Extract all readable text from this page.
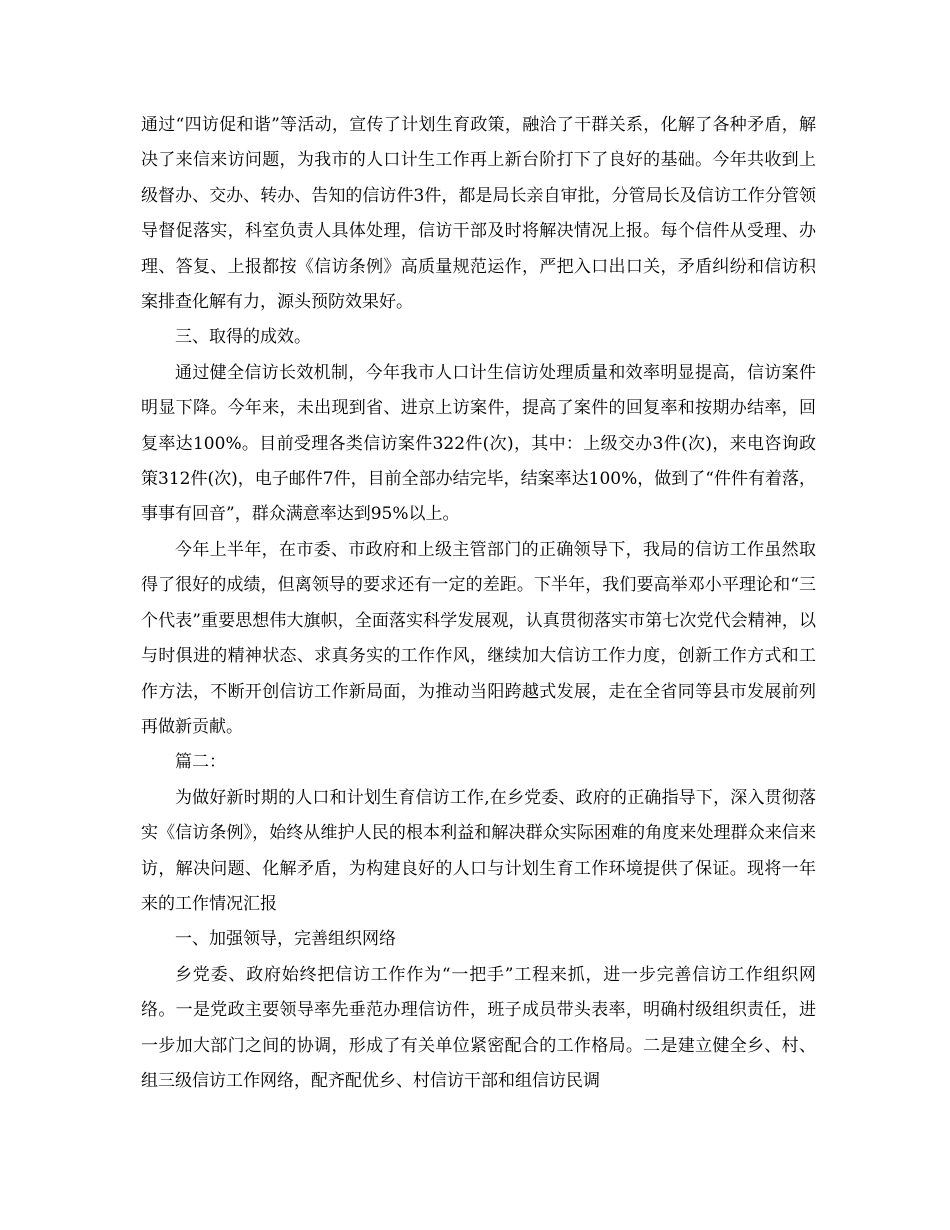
通过“四访促和谐”等活动，宣传了计划生育政策，融洽了干群关系，化解了各种矛盾，解决了来信来访问题，为我市的人口计生工作再上新台阶打下了良好的基础。今年共收到上级督办、交办、转办、告知的信访件3件，都是局长亲自审批，分管局长及信访工作分管领导督促落实，科室负责人具体处理，信访干部及时将解决情况上报。每个信件从受理、办理、答复、上报都按《信访条例》高质量规范运作，严把入口出口关，矛盾纠纷和信访积案排查化解有力，源头预防效果好。

三、取得的成效。

通过健全信访长效机制，今年我市人口计生信访处理质量和效率明显提高，信访案件明显下降。今年来，未出现到省、进京上访案件，提高了案件的回复率和按期办结率，回复率达100%。目前受理各类信访案件322件(次)，其中：上级交办3件(次)，来电咨询政策312件(次)，电子邮件7件，目前全部办结完毕，结案率达100%，做到了“件件有着落，事事有回音”，群众满意率达到95%以上。

今年上半年，在市委、市政府和上级主管部门的正确领导下，我局的信访工作虽然取得了很好的成绩，但离领导的要求还有一定的差距。下半年，我们要高举邓小平理论和“三个代表”重要思想伟大旗帜，全面落实科学发展观，认真贯彻落实市第七次党代会精神，以与时俱进的精神状态、求真务实的工作作风，继续加大信访工作力度，创新工作方式和工作方法，不断开创信访工作新局面，为推动当阳跨越式发展，走在全省同等县市发展前列再做新贡献。

篇二：

为做好新时期的人口和计划生育信访工作,在乡党委、政府的正确指导下，深入贯彻落实《信访条例》，始终从维护人民的根本利益和解决群众实际困难的角度来处理群众来信来访，解决问题、化解矛盾，为构建良好的人口与计划生育工作环境提供了保证。现将一年来的工作情况汇报

一、加强领导，完善组织网络

乡党委、政府始终把信访工作作为“一把手”工程来抓，进一步完善信访工作组织网络。一是党政主要领导率先垂范办理信访件，班子成员带头表率，明确村级组织责任，进一步加大部门之间的协调，形成了有关单位紧密配合的工作格局。二是建立健全乡、村、组三级信访工作网络，配齐配优乡、村信访干部和组信访民调
